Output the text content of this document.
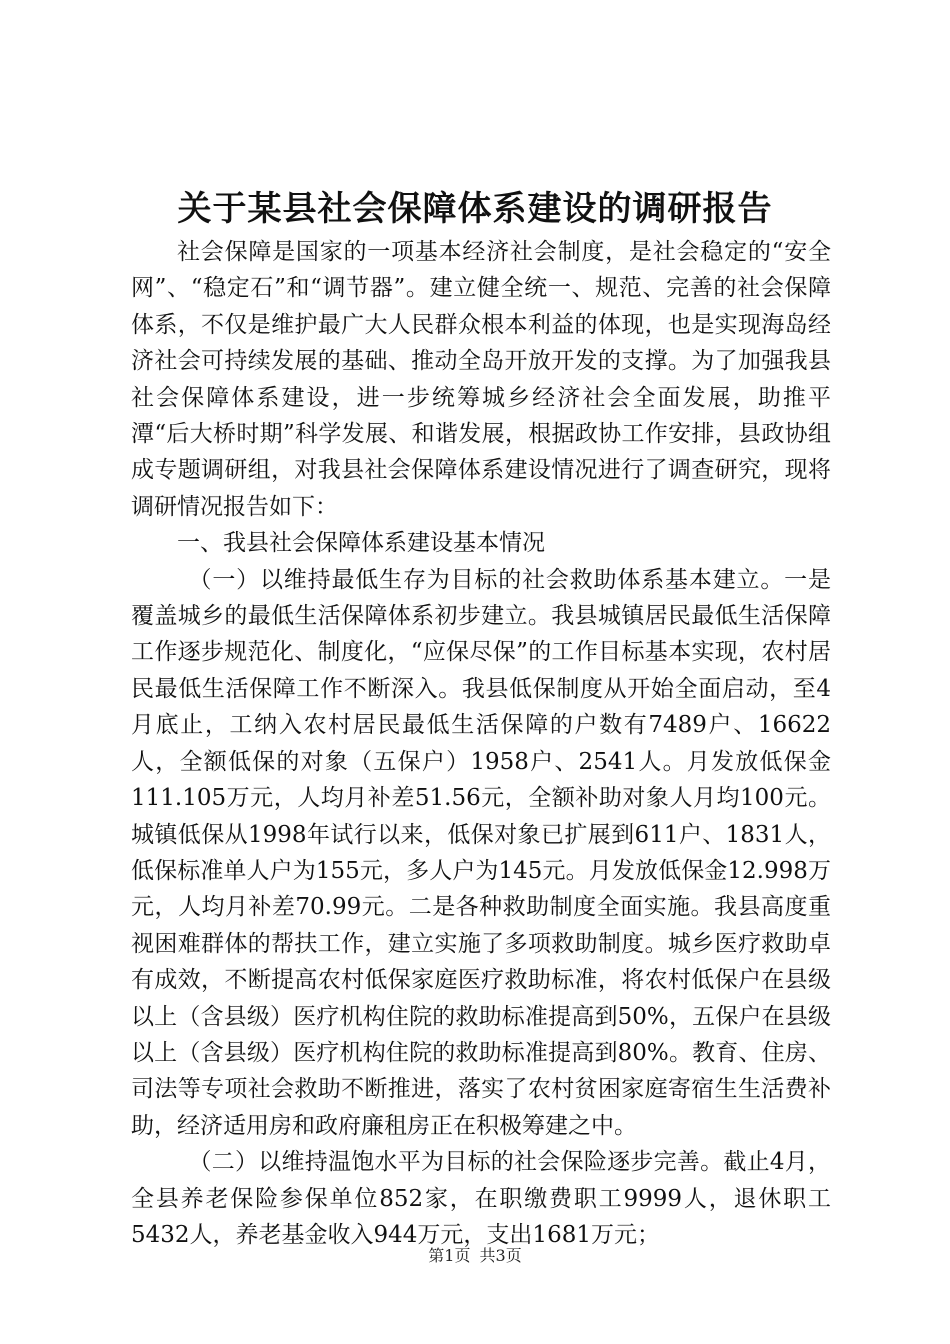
关于某县社会保障体系建设的调研报告

社会保障是国家的一项基本经济社会制度，是社会稳定的“安全网”、“稳定石”和“调节器”。建立健全统一、规范、完善的社会保障体系，不仅是维护最广大人民群众根本利益的体现，也是实现海岛经济社会可持续发展的基础、推动全岛开放开发的支撑。为了加强我县社会保障体系建设，进一步统筹城乡经济社会全面发展，助推平潭“后大桥时期”科学发展、和谐发展，根据政协工作安排，县政协组成专题调研组，对我县社会保障体系建设情况进行了调查研究，现将调研情况报告如下：

一、我县社会保障体系建设基本情况

（一）以维持最低生存为目标的社会救助体系基本建立。一是覆盖城乡的最低生活保障体系初步建立。我县城镇居民最低生活保障工作逐步规范化、制度化，“应保尽保”的工作目标基本实现，农村居民最低生活保障工作不断深入。我县低保制度从开始全面启动，至4月底止，工纳入农村居民最低生活保障的户数有7489户、16622人，全额低保的对象（五保户）1958户、2541人。月发放低保金111.105万元，人均月补差51.56元，全额补助对象人月均100元。城镇低保从1998年试行以来，低保对象已扩展到611户、1831人，低保标准单人户为155元，多人户为145元。月发放低保金12.998万元，人均月补差70.99元。二是各种救助制度全面实施。我县高度重视困难群体的帮扶工作，建立实施了多项救助制度。城乡医疗救助卓有成效，不断提高农村低保家庭医疗救助标准，将农村低保户在县级以上（含县级）医疗机构住院的救助标准提高到50%，五保户在县级以上（含县级）医疗机构住院的救助标准提高到80%。教育、住房、司法等专项社会救助不断推进，落实了农村贫困家庭寄宿生生活费补助，经济适用房和政府廉租房正在积极筹建之中。

（二）以维持温饱水平为目标的社会保险逐步完善。截止4月，全县养老保险参保单位852家，在职缴费职工9999人，退休职工5432人，养老基金收入944万元，支出1681万元；

第1页 共3页
